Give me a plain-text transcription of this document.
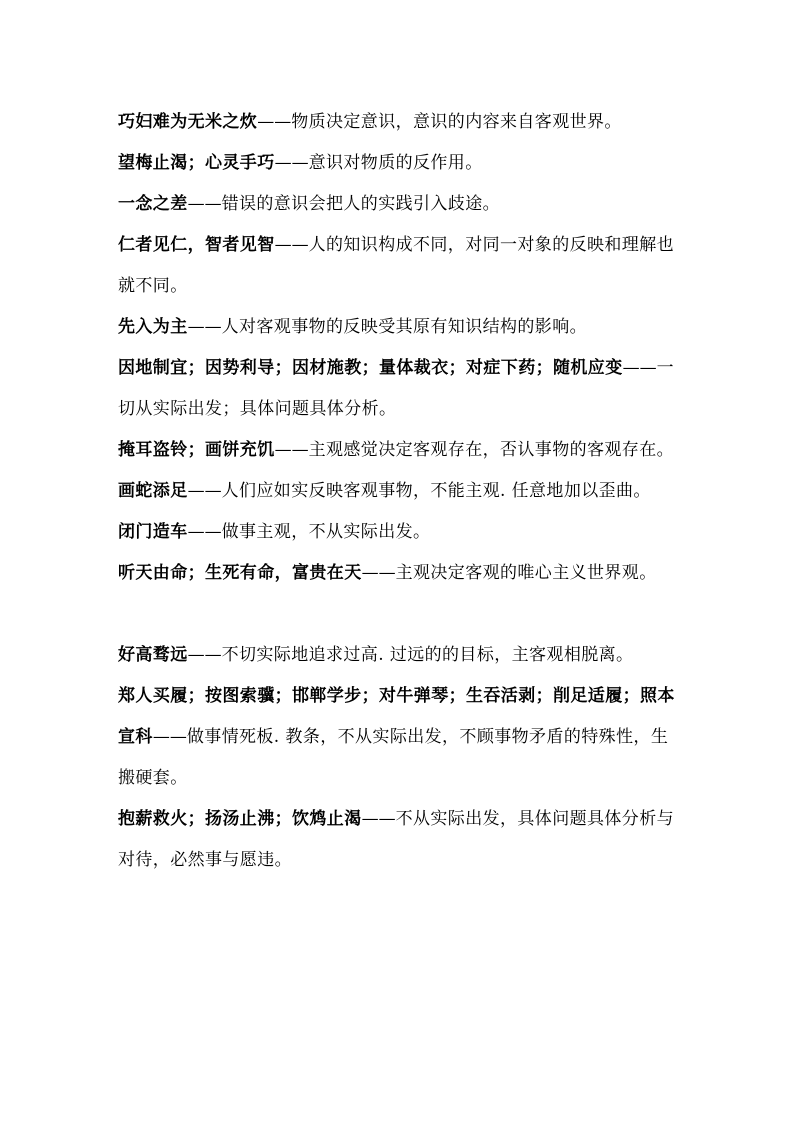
巧妇难为无米之炊——物质决定意识，意识的内容来自客观世界。

望梅止渴；心灵手巧——意识对物质的反作用。

一念之差——错误的意识会把人的实践引入歧途。

仁者见仁，智者见智——人的知识构成不同，对同一对象的反映和理解也就不同。

先入为主——人对客观事物的反映受其原有知识结构的影响。

因地制宜；因势利导；因材施教；量体裁衣；对症下药；随机应变——一切从实际出发；具体问题具体分析。

掩耳盗铃；画饼充饥——主观感觉决定客观存在，否认事物的客观存在。

画蛇添足——人们应如实反映客观事物，不能主观. 任意地加以歪曲。

闭门造车——做事主观，不从实际出发。

听天由命；生死有命，富贵在天——主观决定客观的唯心主义世界观。

好高骛远——不切实际地追求过高. 过远的的目标，主客观相脱离。

郑人买履；按图索骥；邯郸学步；对牛弹琴；生吞活剥；削足适履；照本宣科——做事情死板. 教条，不从实际出发，不顾事物矛盾的特殊性，生搬硬套。

抱薪救火；扬汤止沸；饮鸩止渴——不从实际出发，具体问题具体分析与对待，必然事与愿违。
